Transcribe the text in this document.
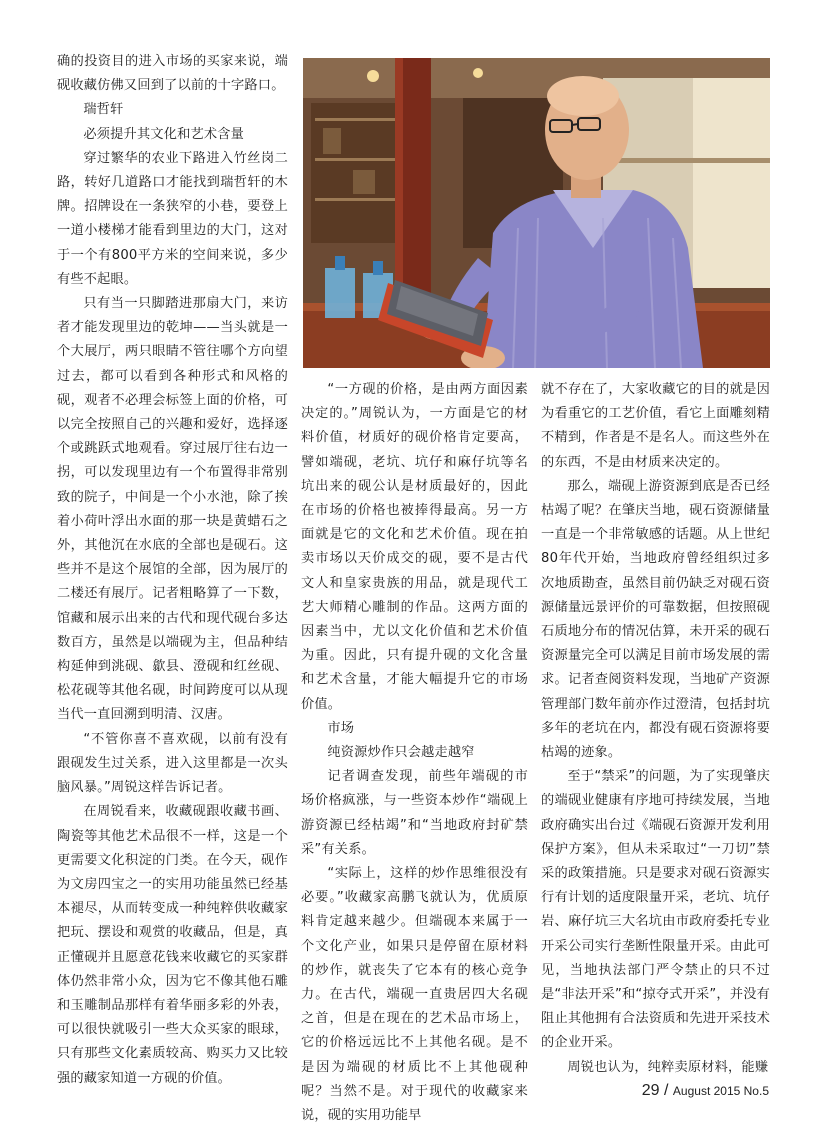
确的投资目的进入市场的买家来说，端砚收藏仿佛又回到了以前的十字路口。

瑞哲轩

必须提升其文化和艺术含量

穿过繁华的农业下路进入竹丝岗二路，转好几道路口才能找到瑞哲轩的木牌。招牌设在一条狭窄的小巷，要登上一道小楼梯才能看到里边的大门，这对于一个有800平方米的空间来说，多少有些不起眼。

只有当一只脚踏进那扇大门，来访者才能发现里边的乾坤——当头就是一个大展厅，两只眼睛不管往哪个方向望过去，都可以看到各种形式和风格的砚，观者不必理会标签上面的价格，可以完全按照自己的兴趣和爱好，选择逐个或跳跃式地观看。穿过展厅往右边一拐，可以发现里边有一个布置得非常别致的院子，中间是一个小水池，除了挨着小荷叶浮出水面的那一块是黄蜡石之外，其他沉在水底的全部也是砚石。这些并不是这个展馆的全部，因为展厅的二楼还有展厅。记者粗略算了一下数，馆藏和展示出来的古代和现代砚台多达数百方，虽然是以端砚为主，但品种结构延伸到洮砚、歙县、澄砚和红丝砚、松花砚等其他名砚，时间跨度可以从现当代一直回溯到明清、汉唐。

“不管你喜不喜欢砚，以前有没有跟砚发生过关系，进入这里都是一次头脑风暴。”周锐这样告诉记者。

在周锐看来，收藏砚跟收藏书画、陶瓷等其他艺术品很不一样，这是一个更需要文化积淀的门类。在今天，砚作为文房四宝之一的实用功能虽然已经基本褪尽，从而转变成一种纯粹供收藏家把玩、摆设和观赏的收藏品，但是，真正懂砚并且愿意花钱来收藏它的买家群体仍然非常小众，因为它不像其他石雕和玉雕制品那样有着华丽多彩的外表，可以很快就吸引一些大众买家的眼球，只有那些文化素质较高、购买力又比较强的藏家知道一方砚的价值。

“一方砚的价格，是由两方面因素决定的。”周锐认为，一方面是它的材料价值，材质好的砚价格肯定要高，譬如端砚，老坑、坑仔和麻仔坑等名坑出来的砚公认是材质最好的，因此在市场的价格也被捧得最高。另一方面就是它的文化和艺术价值。现在拍卖市场以天价成交的砚，要不是古代文人和皇家贵族的用品，就是现代工艺大师精心雕制的作品。这两方面的因素当中，尤以文化价值和艺术价值为重。因此，只有提升砚的文化含量和艺术含量，才能大幅提升它的市场价值。

市场

纯资源炒作只会越走越窄

记者调查发现，前些年端砚的市场价格疯涨，与一些资本炒作“端砚上游资源已经枯竭”和“当地政府封矿禁采”有关系。

“实际上，这样的炒作思维很没有必要。”收藏家高鹏飞就认为，优质原料肯定越来越少。但端砚本来属于一个文化产业，如果只是停留在原材料的炒作，就丧失了它本有的核心竞争力。在古代，端砚一直贵居四大名砚之首，但是在现在的艺术品市场上，它的价格远远比不上其他名砚。是不是因为端砚的材质比不上其他砚种呢？当然不是。对于现代的收藏家来说，砚的实用功能早

就不存在了，大家收藏它的目的就是因为看重它的工艺价值，看它上面雕刻精不精到，作者是不是名人。而这些外在的东西，不是由材质来决定的。

那么，端砚上游资源到底是否已经枯竭了呢？在肇庆当地，砚石资源储量一直是一个非常敏感的话题。从上世纪80年代开始，当地政府曾经组织过多次地质勘查，虽然目前仍缺乏对砚石资源储量远景评价的可靠数据，但按照砚石质地分布的情况估算，未开采的砚石资源量完全可以满足目前市场发展的需求。记者查阅资料发现，当地矿产资源管理部门数年前亦作过澄清，包括封坑多年的老坑在内，都没有砚石资源将要枯竭的迹象。

至于“禁采”的问题，为了实现肇庆的端砚业健康有序地可持续发展，当地政府确实出台过《端砚石资源开发利用保护方案》，但从未采取过“一刀切”禁采的政策措施。只是要求对砚石资源实行有计划的适度限量开采，老坑、坑仔岩、麻仔坑三大名坑由市政府委托专业开采公司实行垄断性限量开采。由此可见，当地执法部门严令禁止的只不过是“非法开采”和“掠夺式开采”，并没有阻止其他拥有合法资质和先进开采技术的企业开采。

周锐也认为，纯粹卖原材料，能赚

29 / August 2015 No.5
